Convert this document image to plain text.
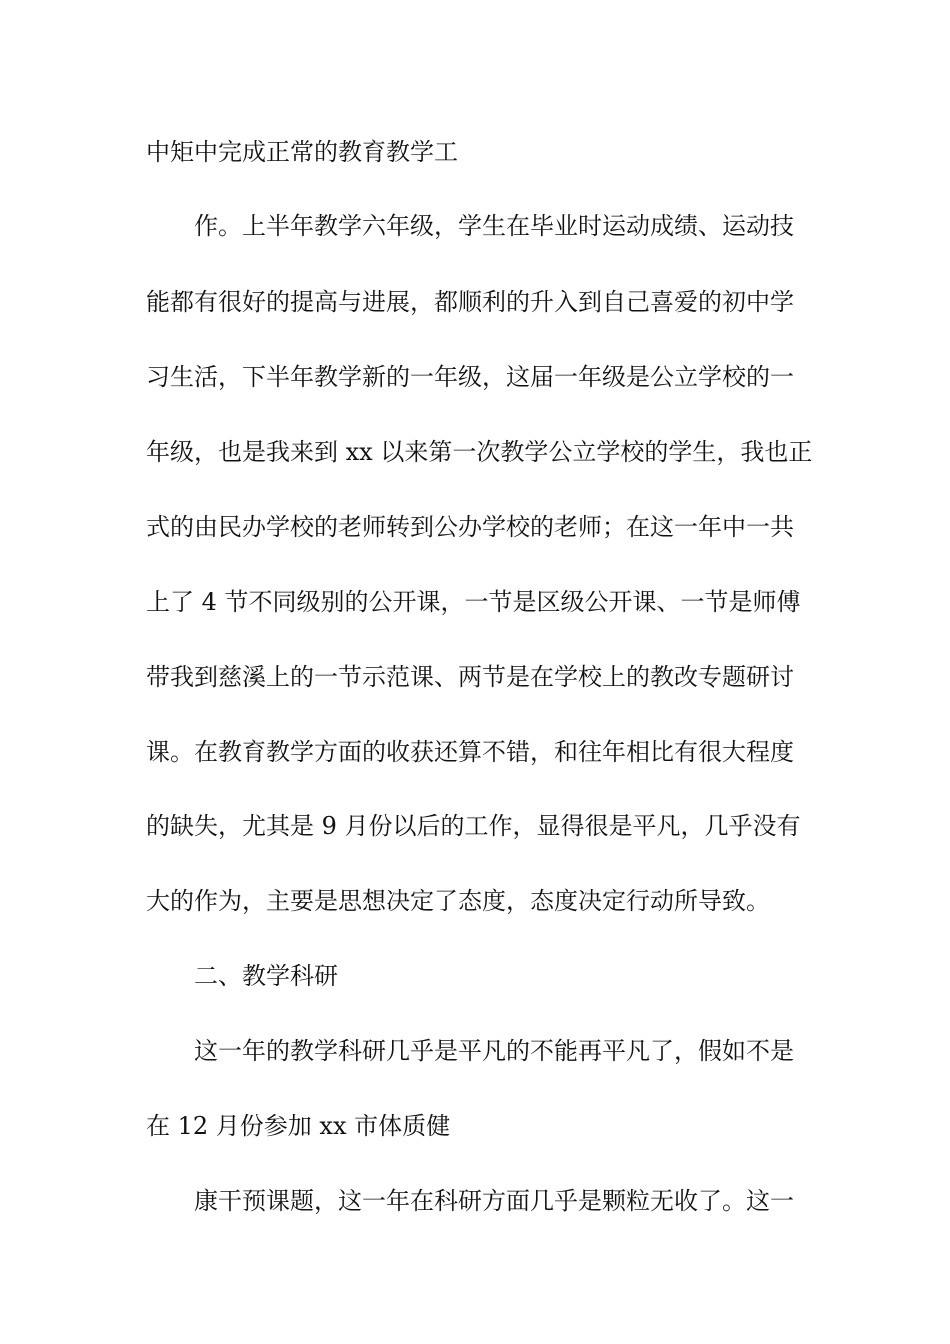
中矩中完成正常的教育教学工
作。上半年教学六年级，学生在毕业时运动成绩、运动技
能都有很好的提高与进展，都顺利的升入到自己喜爱的初中学
习生活，下半年教学新的一年级，这届一年级是公立学校的一
年级，也是我来到 xx 以来第一次教学公立学校的学生，我也正
式的由民办学校的老师转到公办学校的老师；在这一年中一共
上了 4 节不同级别的公开课，一节是区级公开课、一节是师傅
带我到慈溪上的一节示范课、两节是在学校上的教改专题研讨
课。在教育教学方面的收获还算不错，和往年相比有很大程度
的缺失，尤其是 9 月份以后的工作，显得很是平凡，几乎没有
大的作为，主要是思想决定了态度，态度决定行动所导致。
二、教学科研
这一年的教学科研几乎是平凡的不能再平凡了，假如不是
在 12 月份参加 xx 市体质健
康干预课题，这一年在科研方面几乎是颗粒无收了。这一
